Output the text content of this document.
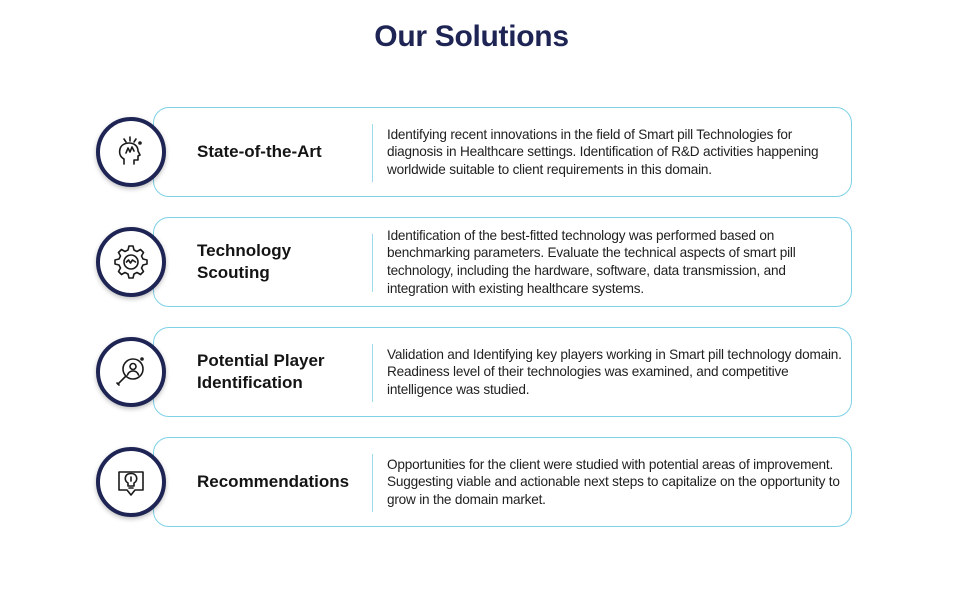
Our Solutions
State-of-the-Art
Identifying recent innovations in the field of Smart pill Technologies for diagnosis in Healthcare settings. Identification of R&D activities happening worldwide suitable to client requirements in this domain.
Technology Scouting
Identification of the best-fitted technology was performed based on benchmarking parameters. Evaluate the technical aspects of smart pill technology, including the hardware, software, data transmission, and integration with existing healthcare systems.
Potential Player Identification
Validation and Identifying key players working in Smart pill technology domain. Readiness level of their technologies was examined, and competitive intelligence was studied.
Recommendations
Opportunities for the client were studied with potential areas of improvement. Suggesting viable and actionable next steps to capitalize on the opportunity to grow in the domain market.
